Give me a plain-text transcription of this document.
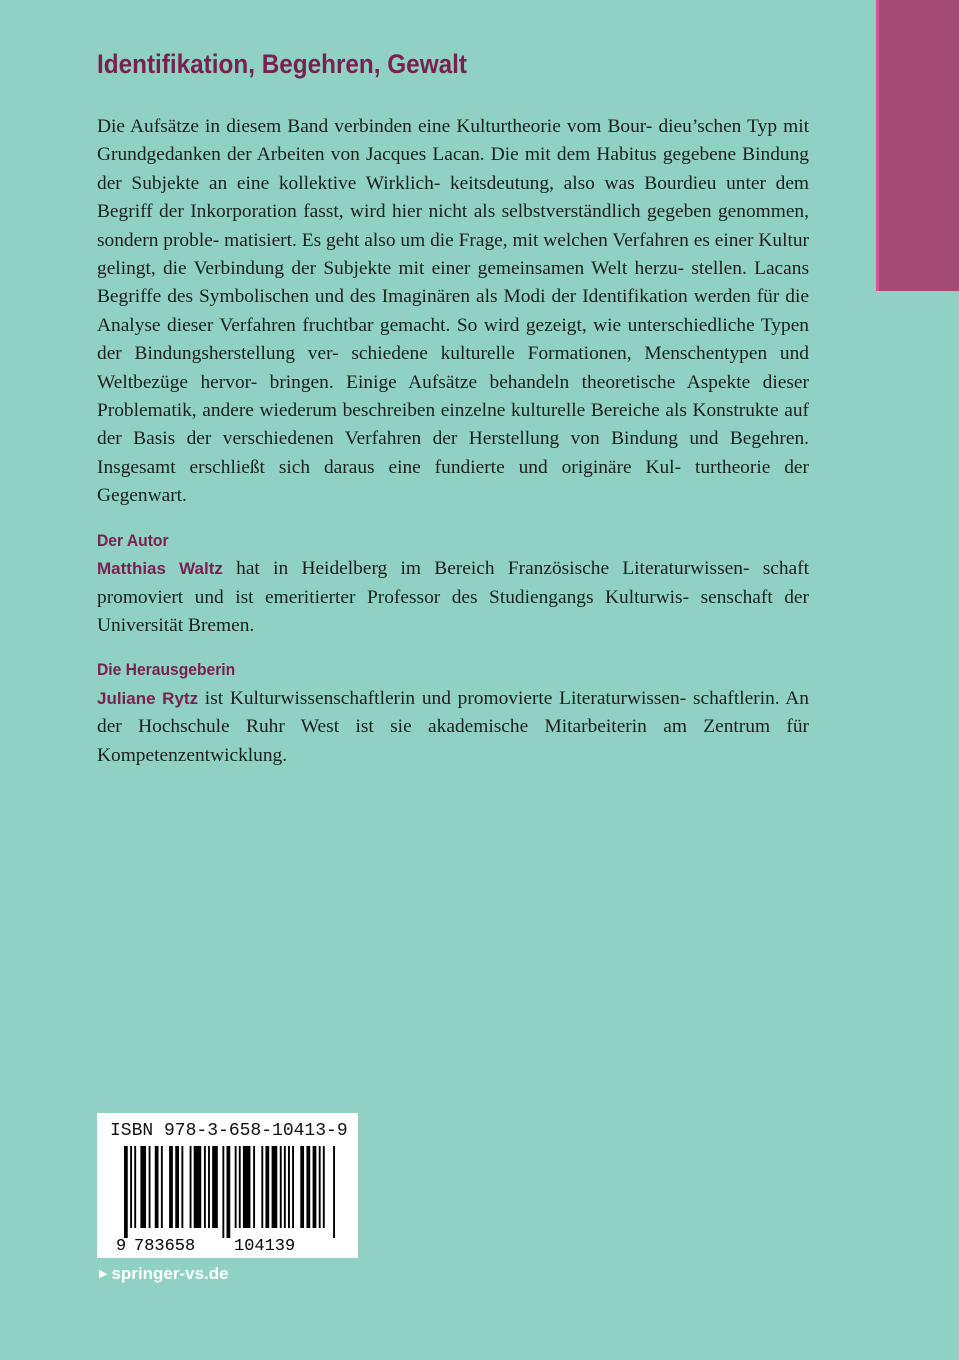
Identifikation, Begehren, Gewalt

Die Aufsätze in diesem Band verbinden eine Kulturtheorie vom Bour- dieu’schen Typ mit Grundgedanken der Arbeiten von Jacques Lacan. Die mit dem Habitus gegebene Bindung der Subjekte an eine kollektive Wirklich- keitsdeutung, also was Bourdieu unter dem Begriff der Inkorporation fasst, wird hier nicht als selbstverständlich gegeben genommen, sondern proble- matisiert. Es geht also um die Frage, mit welchen Verfahren es einer Kultur gelingt, die Verbindung der Subjekte mit einer gemeinsamen Welt herzu- stellen. Lacans Begriffe des Symbolischen und des Imaginären als Modi der Identifikation werden für die Analyse dieser Verfahren fruchtbar gemacht. So wird gezeigt, wie unterschiedliche Typen der Bindungsherstellung ver- schiedene kulturelle Formationen, Menschentypen und Weltbezüge hervor- bringen. Einige Aufsätze behandeln theoretische Aspekte dieser Problematik, andere wiederum beschreiben einzelne kulturelle Bereiche als Konstrukte auf der Basis der verschiedenen Verfahren der Herstellung von Bindung und Begehren. Insgesamt erschließt sich daraus eine fundierte und originäre Kul- turtheorie der Gegenwart.

Der Autor

Matthias Waltz hat in Heidelberg im Bereich Französische Literaturwissen- schaft promoviert und ist emeritierter Professor des Studiengangs Kulturwis- senschaft der Universität Bremen.

Die Herausgeberin

Juliane Rytz ist Kulturwissenschaftlerin und promovierte Literaturwissen- schaftlerin. An der Hochschule Ruhr West ist sie akademische Mitarbeiterin am Zentrum für Kompetenzentwicklung.

ISBN 978-3-658-10413-9
9 783658 104139
▶ springer-vs.de
